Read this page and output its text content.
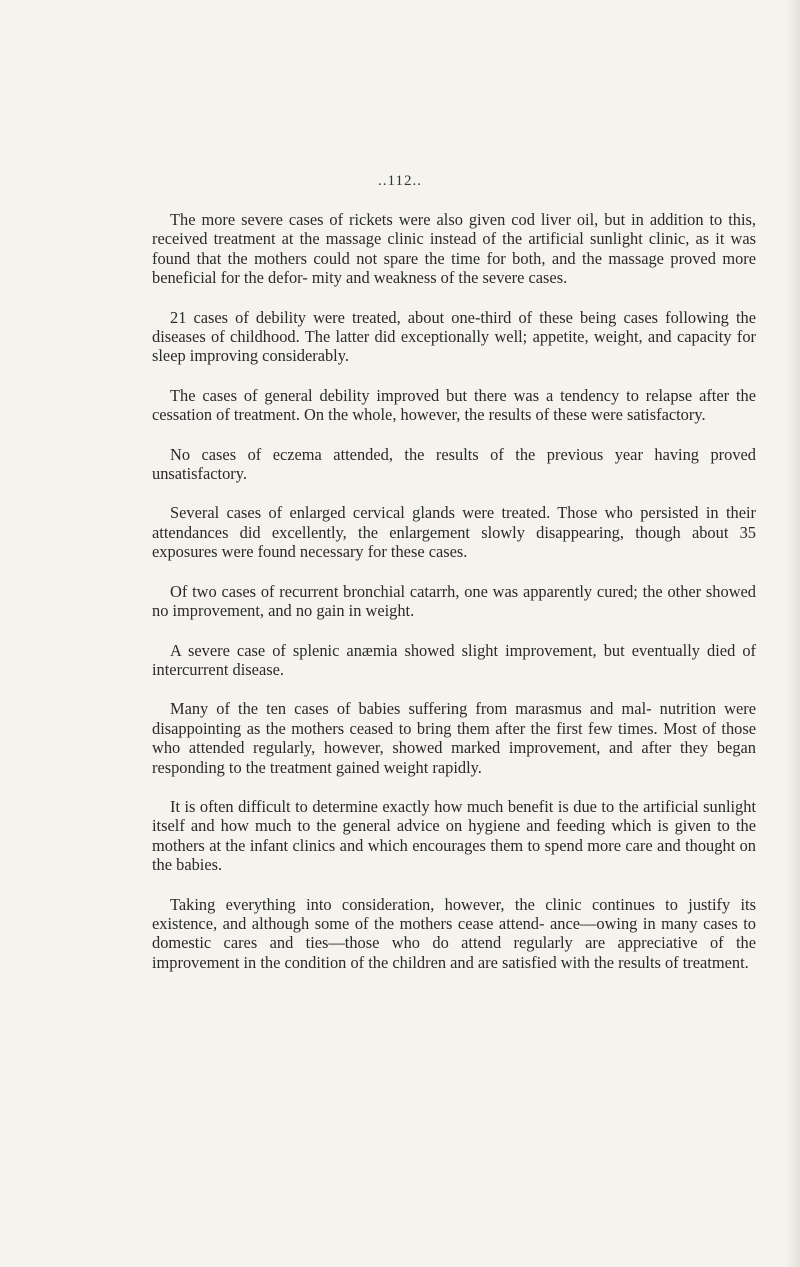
..112..

The more severe cases of rickets were also given cod liver oil, but in addition to this, received treatment at the massage clinic instead of the artificial sunlight clinic, as it was found that the mothers could not spare the time for both, and the massage proved more beneficial for the defor- mity and weakness of the severe cases.

21 cases of debility were treated, about one-third of these being cases following the diseases of childhood. The latter did exceptionally well; appetite, weight, and capacity for sleep improving considerably.

The cases of general debility improved but there was a tendency to relapse after the cessation of treatment. On the whole, however, the results of these were satisfactory.

No cases of eczema attended, the results of the previous year having proved unsatisfactory.

Several cases of enlarged cervical glands were treated. Those who persisted in their attendances did excellently, the enlargement slowly disappearing, though about 35 exposures were found necessary for these cases.

Of two cases of recurrent bronchial catarrh, one was apparently cured; the other showed no improvement, and no gain in weight.

A severe case of splenic anæmia showed slight improvement, but eventually died of intercurrent disease.

Many of the ten cases of babies suffering from marasmus and mal- nutrition were disappointing as the mothers ceased to bring them after the first few times. Most of those who attended regularly, however, showed marked improvement, and after they began responding to the treatment gained weight rapidly.

It is often difficult to determine exactly how much benefit is due to the artificial sunlight itself and how much to the general advice on hygiene and feeding which is given to the mothers at the infant clinics and which encourages them to spend more care and thought on the babies.

Taking everything into consideration, however, the clinic continues to justify its existence, and although some of the mothers cease attend- ance—owing in many cases to domestic cares and ties—those who do attend regularly are appreciative of the improvement in the condition of the children and are satisfied with the results of treatment.
